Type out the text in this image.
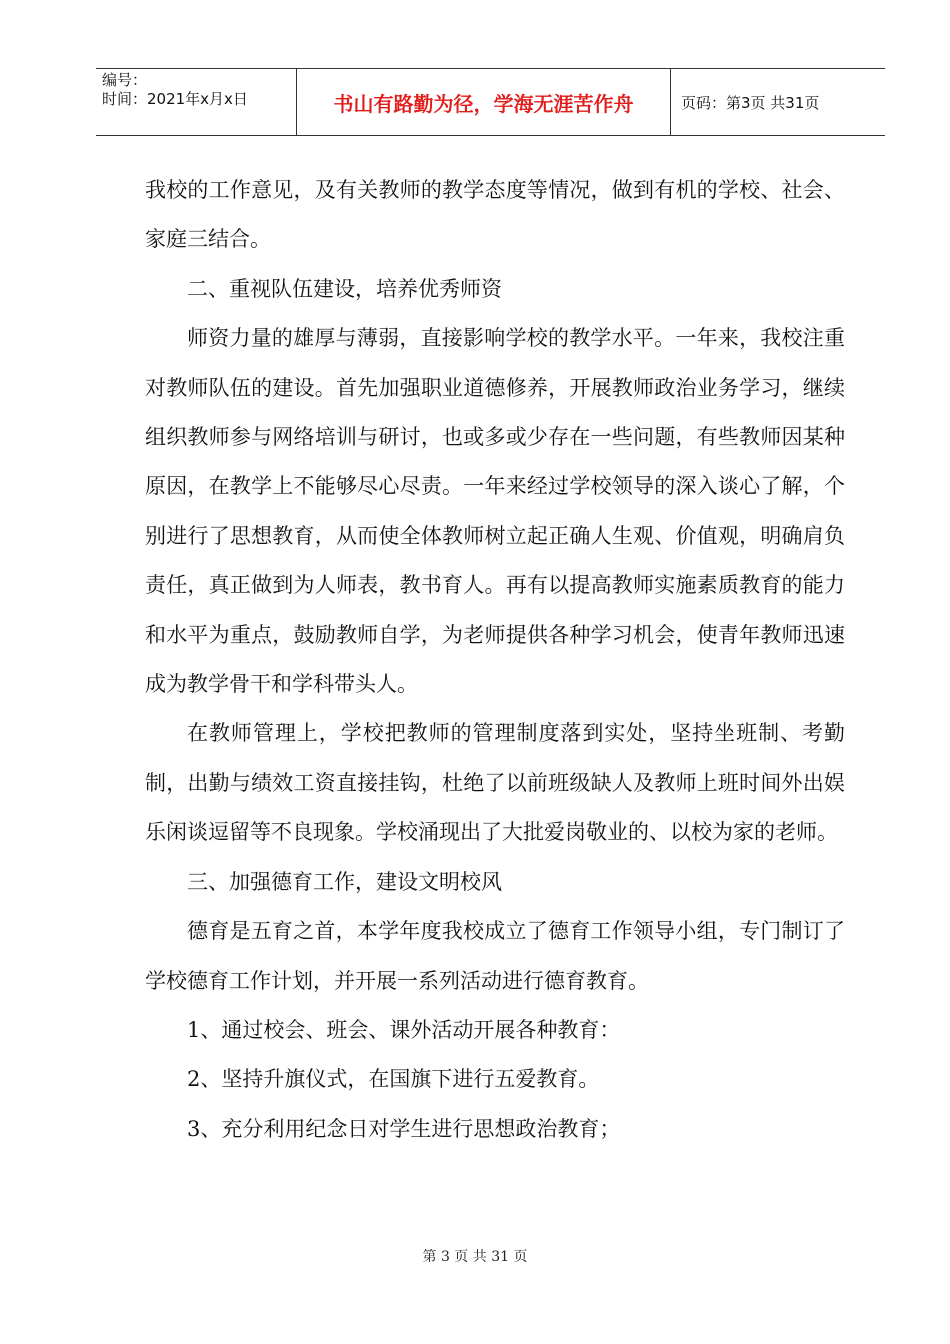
编号：
时间：2021年x月x日	书山有路勤为径，学海无涯苦作舟	页码：第3页 共31页

我校的工作意见，及有关教师的教学态度等情况，做到有机的学校、社会、家庭三结合。

二、重视队伍建设，培养优秀师资

师资力量的雄厚与薄弱，直接影响学校的教学水平。一年来，我校注重对教师队伍的建设。首先加强职业道德修养，开展教师政治业务学习，继续组织教师参与网络培训与研讨，也或多或少存在一些问题，有些教师因某种原因，在教学上不能够尽心尽责。一年来经过学校领导的深入谈心了解，个别进行了思想教育，从而使全体教师树立起正确人生观、价值观，明确肩负责任，真正做到为人师表，教书育人。再有以提高教师实施素质教育的能力和水平为重点，鼓励教师自学，为老师提供各种学习机会，使青年教师迅速成为教学骨干和学科带头人。

在教师管理上，学校把教师的管理制度落到实处，坚持坐班制、考勤制，出勤与绩效工资直接挂钩，杜绝了以前班级缺人及教师上班时间外出娱乐闲谈逗留等不良现象。学校涌现出了大批爱岗敬业的、以校为家的老师。

三、加强德育工作，建设文明校风

德育是五育之首，本学年度我校成立了德育工作领导小组，专门制订了学校德育工作计划，并开展一系列活动进行德育教育。

1、通过校会、班会、课外活动开展各种教育：

2、坚持升旗仪式，在国旗下进行五爱教育。

3、充分利用纪念日对学生进行思想政治教育；

第 3 页 共 31 页
